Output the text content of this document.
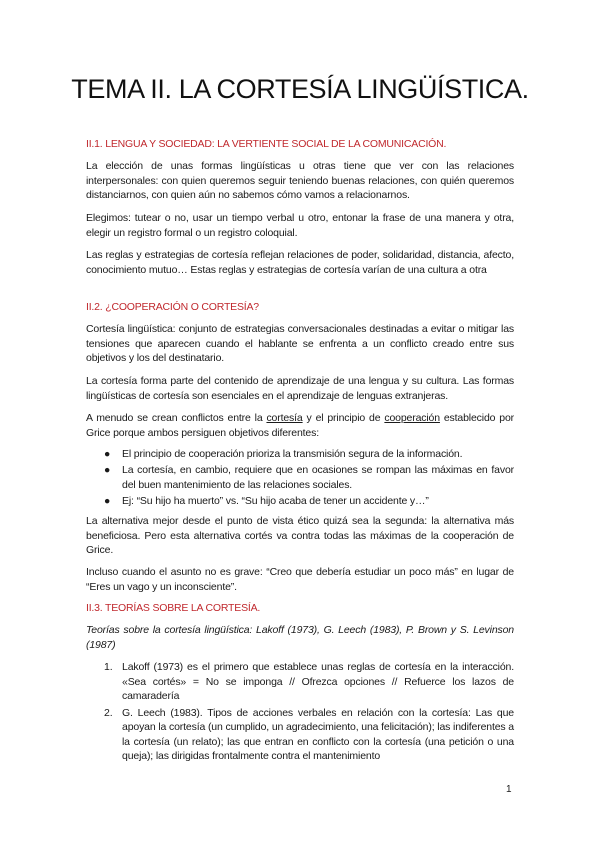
TEMA II. LA CORTESÍA LINGÜÍSTICA.
II.1. LENGUA Y SOCIEDAD: LA VERTIENTE SOCIAL DE LA COMUNICACIÓN.
La elección de unas formas lingüísticas u otras tiene que ver con las relaciones interpersonales: con quien queremos seguir teniendo buenas relaciones, con quién queremos distanciarnos, con quien aún no sabemos cómo vamos a relacionarnos.
Elegimos: tutear o no, usar un tiempo verbal u otro, entonar la frase de una manera y otra, elegir un registro formal o un registro coloquial.
Las reglas y estrategias de cortesía reflejan relaciones de poder, solidaridad, distancia, afecto, conocimiento mutuo… Estas reglas y estrategias de cortesía varían de una cultura a otra
II.2. ¿COOPERACIÓN O CORTESÍA?
Cortesía lingüística: conjunto de estrategias conversacionales destinadas a evitar o mitigar las tensiones que aparecen cuando el hablante se enfrenta a un conflicto creado entre sus objetivos y los del destinatario.
La cortesía forma parte del contenido de aprendizaje de una lengua y su cultura. Las formas lingüísticas de cortesía son esenciales en el aprendizaje de lenguas extranjeras.
A menudo se crean conflictos entre la cortesía y el principio de cooperación establecido por Grice porque ambos persiguen objetivos diferentes:
● El principio de cooperación prioriza la transmisión segura de la información.
● La cortesía, en cambio, requiere que en ocasiones se rompan las máximas en favor del buen mantenimiento de las relaciones sociales.
● Ej: “Su hijo ha muerto” vs. “Su hijo acaba de tener un accidente y…”
La alternativa mejor desde el punto de vista ético quizá sea la segunda: la alternativa más beneficiosa. Pero esta alternativa cortés va contra todas las máximas de la cooperación de Grice.
Incluso cuando el asunto no es grave: “Creo que debería estudiar un poco más” en lugar de “Eres un vago y un inconsciente”.
II.3. TEORÍAS SOBRE LA CORTESÍA.
Teorías sobre la cortesía lingüística: Lakoff (1973), G. Leech (1983), P. Brown y S. Levinson (1987)
1. Lakoff (1973) es el primero que establece unas reglas de cortesía en la interacción. «Sea cortés» = No se imponga // Ofrezca opciones // Refuerce los lazos de camaradería
2. G. Leech (1983). Tipos de acciones verbales en relación con la cortesía: Las que apoyan la cortesía (un cumplido, un agradecimiento, una felicitación); las indiferentes a la cortesía (un relato); las que entran en conflicto con la cortesía (una petición o una queja); las dirigidas frontalmente contra el mantenimiento
1
